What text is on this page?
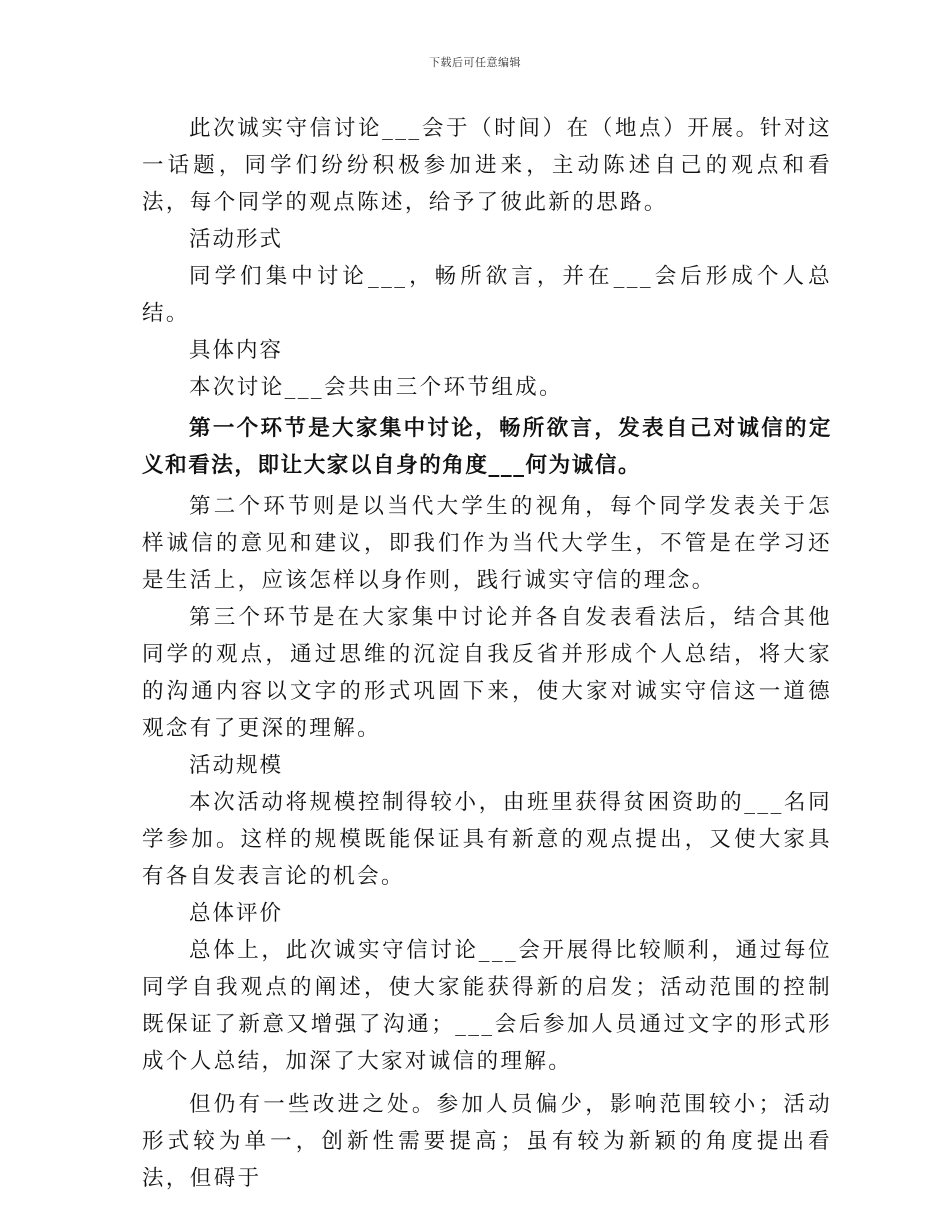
下载后可任意编辑

此次诚实守信讨论___会于（时间）在（地点）开展。针对这一话题，同学们纷纷积极参加进来，主动陈述自己的观点和看法，每个同学的观点陈述，给予了彼此新的思路。

活动形式

同学们集中讨论___，畅所欲言，并在___会后形成个人总结。

具体内容

本次讨论___会共由三个环节组成。

第一个环节是大家集中讨论，畅所欲言，发表自己对诚信的定义和看法，即让大家以自身的角度___何为诚信。

第二个环节则是以当代大学生的视角，每个同学发表关于怎样诚信的意见和建议，即我们作为当代大学生，不管是在学习还是生活上，应该怎样以身作则，践行诚实守信的理念。

第三个环节是在大家集中讨论并各自发表看法后，结合其他同学的观点，通过思维的沉淀自我反省并形成个人总结，将大家的沟通内容以文字的形式巩固下来，使大家对诚实守信这一道德观念有了更深的理解。

活动规模

本次活动将规模控制得较小，由班里获得贫困资助的___名同学参加。这样的规模既能保证具有新意的观点提出，又使大家具有各自发表言论的机会。

总体评价

总体上，此次诚实守信讨论___会开展得比较顺利，通过每位同学自我观点的阐述，使大家能获得新的启发；活动范围的控制既保证了新意又增强了沟通；___会后参加人员通过文字的形式形成个人总结，加深了大家对诚信的理解。

但仍有一些改进之处。参加人员偏少，影响范围较小；活动形式较为单一，创新性需要提高；虽有较为新颖的角度提出看法，但碍于
